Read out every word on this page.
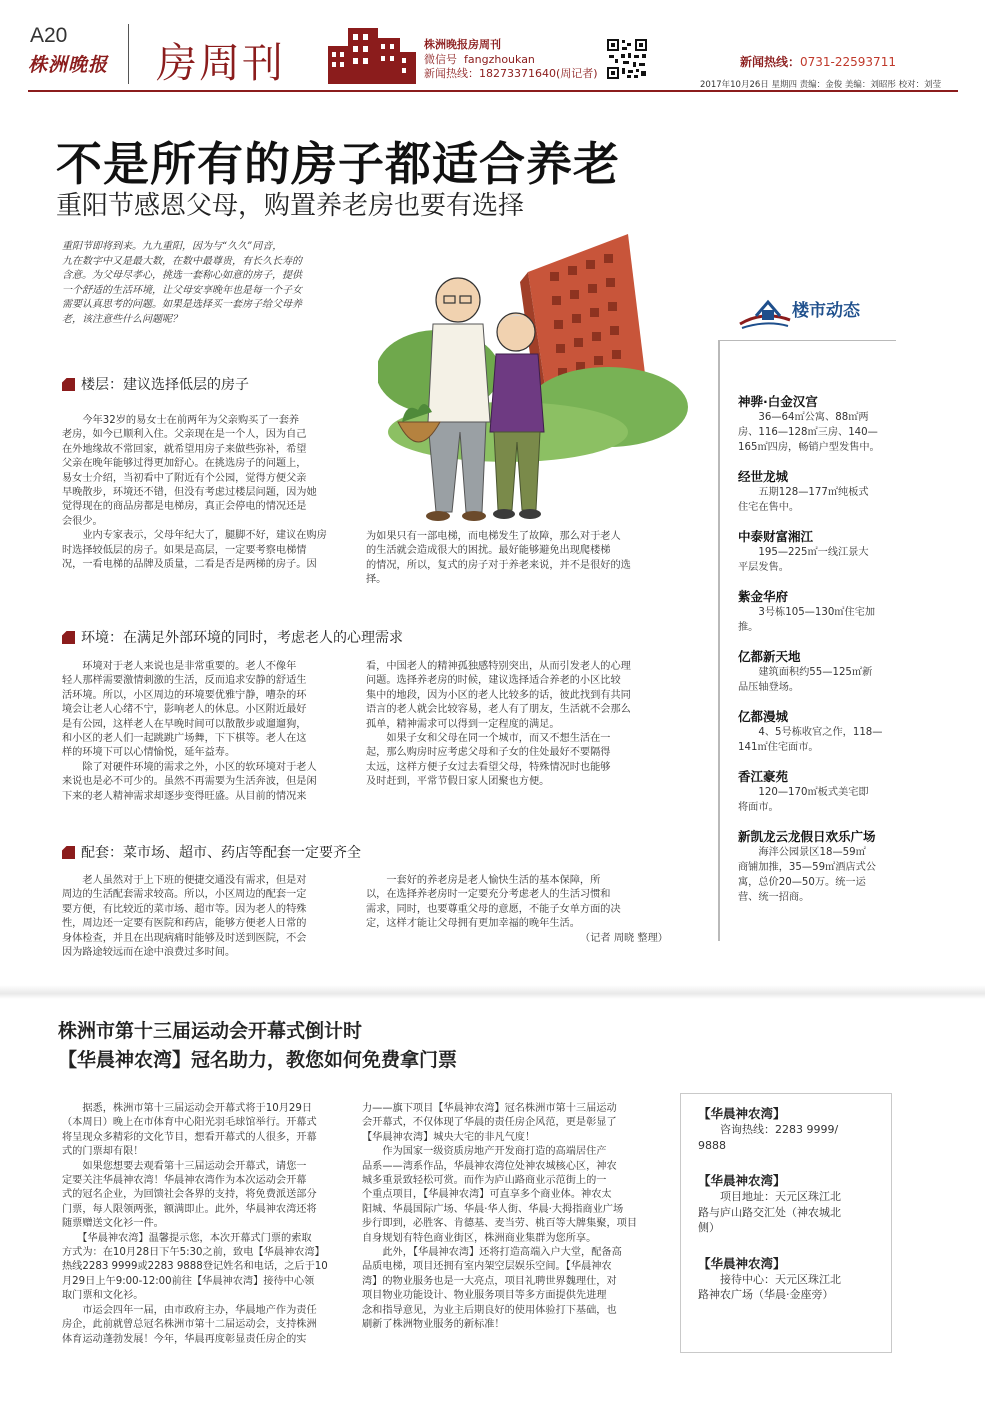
A20
株洲晚报 房周刊	株洲晚报房周刊
微信号 fangzhoukan
新闻热线：18273371640(周记者)
新闻热线：0731-22593711
2017年10月26日 星期四 责编：金俊 美编：刘昭彤 校对：刘莹
不是所有的房子都适合养老
重阳节感恩父母，购置养老房也要有选择
重阳节即将到来。九九重阳，因为与“久久”同音，
九在数字中又是最大数，在数中最尊贵，有长久长寿的
含意。为父母尽孝心，挑选一套称心如意的房子，提供
一个舒适的生活环境，让父母安享晚年也是每一个子女
需要认真思考的问题。如果是选择买一套房子给父母养
老，该注意些什么问题呢？
楼层：建议选择低层的房子
　　今年32岁的易女士在前两年为父亲购买了一套养
老房，如今已顺利入住。父亲现在是一个人，因为自己
在外地缘故不常回家，就希望用房子来做些弥补，希望
父亲在晚年能够过得更加舒心。在挑选房子的问题上，
易女士介绍，当初看中了附近有个公园，觉得方便父亲
早晚散步，环境还不错，但没有考虑过楼层问题，因为她
觉得现在的商品房都是电梯房，真正会停电的情况还是
会很少。
　　业内专家表示，父母年纪大了，腿脚不好，建议在购房
时选择较低层的房子。如果是高层，一定要考察电梯情
况，一看电梯的品牌及质量，二看是否是两梯的房子。因
为如果只有一部电梯，而电梯发生了故障，那么对于老人
的生活就会造成很大的困扰。最好能够避免出现爬楼梯
的情况，所以，复式的房子对于养老来说，并不是很好的选
择。
环境：在满足外部环境的同时，考虑老人的心理需求
　　环境对于老人来说也是非常重要的。老人不像年
轻人那样需要激情刺激的生活，反而追求安静的舒适生
活环境。所以，小区周边的环境要优雅宁静，嘈杂的环
境会让老人心绪不宁，影响老人的休息。小区附近最好
是有公园，这样老人在早晚时间可以散散步或遛遛狗，
和小区的老人们一起跳跳广场舞，下下棋等。老人在这
样的环境下可以心情愉悦，延年益寿。
　　除了对硬件环境的需求之外，小区的软环境对于老人
来说也是必不可少的。虽然不再需要为生活奔波，但是闲
下来的老人精神需求却逐步变得旺盛。从目前的情况来
看，中国老人的精神孤独感特别突出，从而引发老人的心理
问题。选择养老房的时候，建议选择适合养老的小区比较
集中的地段，因为小区的老人比较多的话，彼此找到有共同
语言的老人就会比较容易，老人有了朋友，生活就不会那么
孤单，精神需求可以得到一定程度的满足。
　　如果子女和父母在同一个城市，而又不想生活在一
起，那么购房时应考虑父母和子女的住处最好不要隔得
太远，这样方便子女过去看望父母，特殊情况时也能够
及时赶到，平常节假日家人团聚也方便。
配套：菜市场、超市、药店等配套一定要齐全
　　老人虽然对于上下班的便捷交通没有需求，但是对
周边的生活配套需求较高。所以，小区周边的配套一定
要方便，有比较近的菜市场、超市等。因为老人的特殊
性，周边还一定要有医院和药店，能够方便老人日常的
身体检查，并且在出现病痛时能够及时送到医院，不会
因为路途较远而在途中浪费过多时间。
　　一套好的养老房是老人愉快生活的基本保障，所
以，在选择养老房时一定要充分考虑老人的生活习惯和
需求，同时，也要尊重父母的意愿，不能子女单方面的决
定，这样才能让父母拥有更加幸福的晚年生活。
（记者 周晓 整理）
楼市动态
神骅·白金汉宫
　　36—64㎡公寓、88㎡两
房、116—128㎡三房、140—
165㎡四房，畅销户型发售中。
经世龙城
　　五期128—177㎡纯板式
住宅在售中。
中泰财富湘江
　　195—225㎡一线江景大
平层发售。
紫金华府
　　3号栋105—130㎡住宅加
推。
亿都新天地
　　建筑面积约55—125㎡新
品压轴登场。
亿都漫城
　　4、5号栋收官之作，118—
141㎡住宅面市。
香江豪苑
　　120—170㎡板式美宅即
将面市。
新凯龙云龙假日欢乐广场
　　海泮公园景区18—59㎡
商铺加推，35—59㎡酒店式公
寓，总价20—50万。统一运
营、统一招商。
株洲市第十三届运动会开幕式倒计时
【华晨神农湾】冠名助力，教您如何免费拿门票
　　据悉，株洲市第十三届运动会开幕式将于10月29日
（本周日）晚上在市体育中心阳光羽毛球馆举行。开幕式
将呈现众多精彩的文化节目，想看开幕式的人很多，开幕
式的门票却有限！
　　如果您想要去观看第十三届运动会开幕式，请您一
定要关注华晨神农湾！华晨神农湾作为本次运动会开幕
式的冠名企业，为回馈社会各界的支持，将免费派送部分
门票，每人限领两张，额满即止。此外，华晨神农湾还将
随票赠送文化衫一件。
　　【华晨神农湾】温馨提示您，本次开幕式门票的索取
方式为：在10月28日下午5:30之前，致电【华晨神农湾】
热线2283 9999或2283 9888登记姓名和电话，之后于10
月29日上午9:00-12:00前往【华晨神农湾】接待中心领
取门票和文化衫。
　　市运会四年一届，由市政府主办，华晨地产作为责任
房企，此前就曾总冠名株洲市第十二届运动会，支持株洲
体育运动蓬勃发展！今年，华晨再度彰显责任房企的实
力——旗下项目【华晨神农湾】冠名株洲市第十三届运动
会开幕式，不仅体现了华晨的责任房企风范，更是彰显了
【华晨神农湾】城央大宅的非凡气度！
　　作为国家一级资质房地产开发商打造的高端居住产
品系——湾系作品，华晨神农湾位处神农城核心区，神农
城多重景致轻松可赏。而作为庐山路商业示范街上的一
个重点项目，【华晨神农湾】可直享多个商业体。神农太
阳城、华晨国际广场、华晨·华人街、华晨·大拇指商业广场
步行即到，必胜客、肯德基、麦当劳、桃百等大牌集聚，项目
自身规划有特色商业街区，株洲商业集群为您所享。
　　此外，【华晨神农湾】还将打造高端入户大堂，配备高
品质电梯，项目还拥有室内架空层娱乐空间。【华晨神农
湾】的物业服务也是一大亮点，项目礼聘世界魏理仕，对
项目物业功能设计、物业服务项目等多方面提供先进理
念和指导意见，为业主后期良好的使用体验打下基础，也
刷新了株洲物业服务的新标准！
【华晨神农湾】
　　咨询热线：2283 9999/
9888
【华晨神农湾】
　　项目地址：天元区珠江北
路与庐山路交汇处（神农城北
侧）
【华晨神农湾】
　　接待中心：天元区珠江北
路神农广场（华晨·金座旁）
